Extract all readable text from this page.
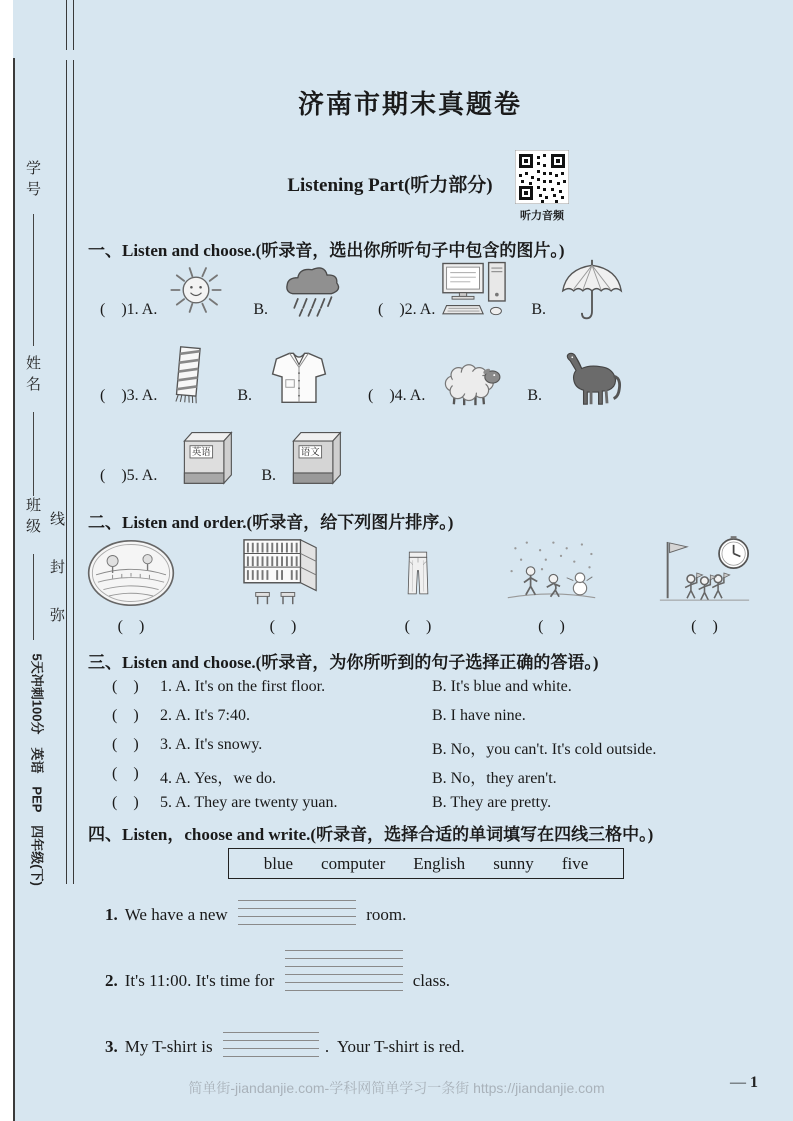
学号
姓名
班级 线
封
弥
5天冲刺100分　英语　PEP　四年级(下)
济南市期末真题卷
Listening Part(听力部分)
听力音频
一、Listen and choose.(听录音，选出你所听句子中包含的图片。)
(    )1. A.	B.	(    )2. A.	B.
(    )3. A.	B.	(    )4. A.	B.
(    )5. A.
英语
B.
语文
二、Listen and order.(听录音，给下列图片排序。)
(    )	(    )	(    )	(    )	(    )
三、Listen and choose.(听录音，为你所听到的句子选择正确的答语。)
(    )	1. A. It's on the first floor.	B. It's blue and white.
(    )	2. A. It's 7:40.	B. I have nine.
(    )	3. A. It's snowy.	B. No，you can't. It's cold outside.
(    )	4. A. Yes，we do.	B. No，they aren't.
(    )	5. A. They are twenty yuan.	B. They are pretty.
四、Listen，choose and write.(听录音，选择合适的单词填写在四线三格中。)
blue computer English sunny five
1. We have a new	room.
2. It's 11:00. It's time for	class.
3. My T-shirt is	.  Your T-shirt is red.
简单街-jiandanjie.com-学科网简单学习一条街 https://jiandanjie.com	— 1
